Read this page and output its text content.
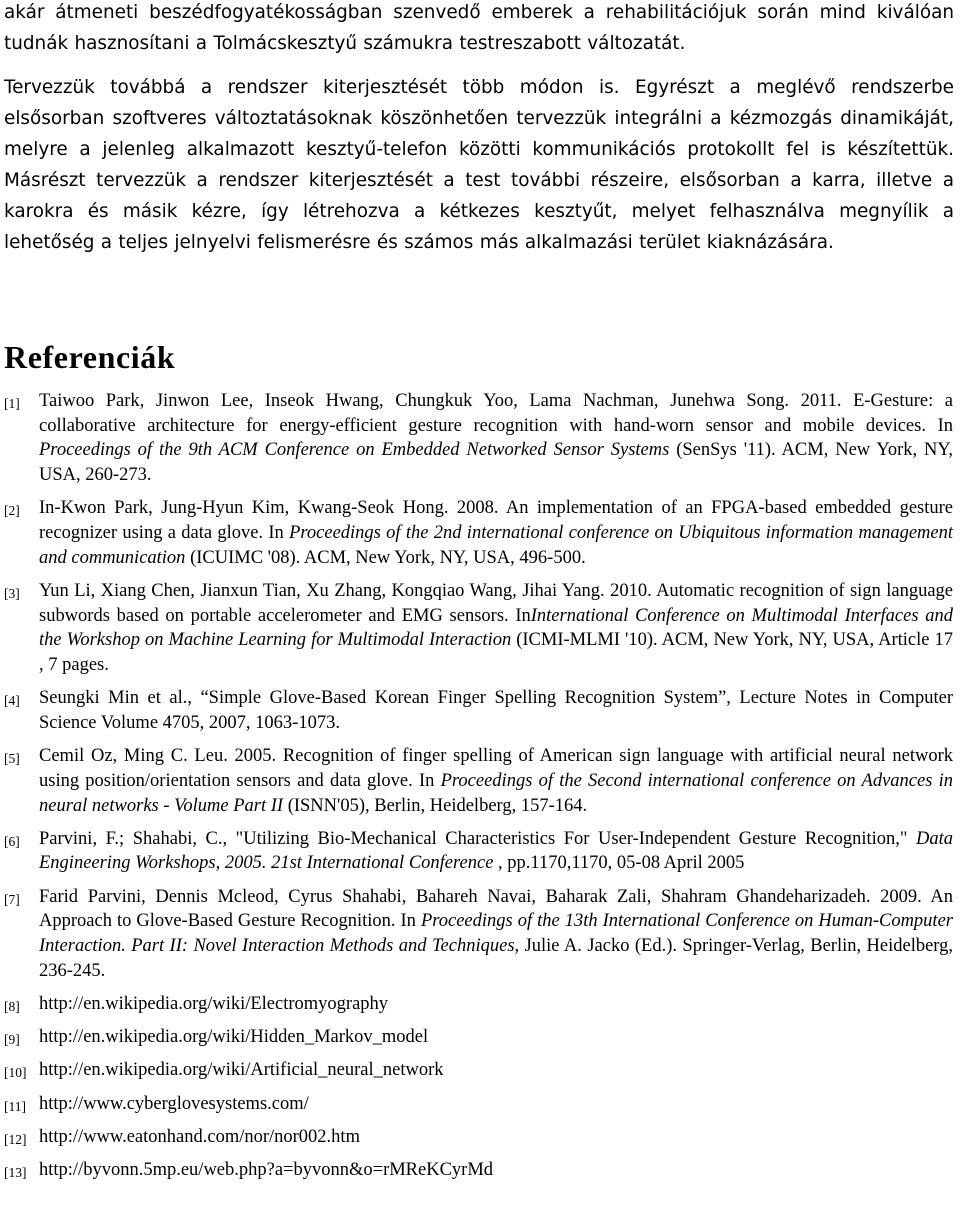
akár átmeneti beszédfogyatékosságban szenvedő emberek a rehabilitációjuk során mind kiválóan tudnák hasznosítani a Tolmácskesztyű számukra testreszabott változatát.

Tervezzük továbbá a rendszer kiterjesztését több módon is. Egyrészt a meglévő rendszerbe elsősorban szoftveres változtatásoknak köszönhetően tervezzük integrálni a kézmozgás dinamikáját, melyre a jelenleg alkalmazott kesztyű-telefon közötti kommunikációs protokollt fel is készítettük. Másrészt tervezzük a rendszer kiterjesztését a test további részeire, elsősorban a karra, illetve a karokra és másik kézre, így létrehozva a kétkezes kesztyűt, melyet felhasználva megnyílik a lehetőség a teljes jelnyelvi felismerésre és számos más alkalmazási terület kiaknázására.

Referenciák
[1] Taiwoo Park, Jinwon Lee, Inseok Hwang, Chungkuk Yoo, Lama Nachman, Junehwa Song. 2011. E-Gesture: a collaborative architecture for energy-efficient gesture recognition with hand-worn sensor and mobile devices. In Proceedings of the 9th ACM Conference on Embedded Networked Sensor Systems (SenSys '11). ACM, New York, NY, USA, 260-273.
[2] In-Kwon Park, Jung-Hyun Kim, Kwang-Seok Hong. 2008. An implementation of an FPGA-based embedded gesture recognizer using a data glove. In Proceedings of the 2nd international conference on Ubiquitous information management and communication (ICUIMC '08). ACM, New York, NY, USA, 496-500.
[3] Yun Li, Xiang Chen, Jianxun Tian, Xu Zhang, Kongqiao Wang, Jihai Yang. 2010. Automatic recognition of sign language subwords based on portable accelerometer and EMG sensors. InInternational Conference on Multimodal Interfaces and the Workshop on Machine Learning for Multimodal Interaction (ICMI-MLMI '10). ACM, New York, NY, USA, Article 17 , 7 pages.
[4] Seungki Min et al., “Simple Glove-Based Korean Finger Spelling Recognition System”, Lecture Notes in Computer Science Volume 4705, 2007, 1063-1073.
[5] Cemil Oz, Ming C. Leu. 2005. Recognition of finger spelling of American sign language with artificial neural network using position/orientation sensors and data glove. In Proceedings of the Second international conference on Advances in neural networks - Volume Part II (ISNN'05), Berlin, Heidelberg, 157-164.
[6] Parvini, F.; Shahabi, C., "Utilizing Bio-Mechanical Characteristics For User-Independent Gesture Recognition," Data Engineering Workshops, 2005. 21st International Conference , pp.1170,1170, 05-08 April 2005
[7] Farid Parvini, Dennis Mcleod, Cyrus Shahabi, Bahareh Navai, Baharak Zali, Shahram Ghandeharizadeh. 2009. An Approach to Glove-Based Gesture Recognition. In Proceedings of the 13th International Conference on Human-Computer Interaction. Part II: Novel Interaction Methods and Techniques, Julie A. Jacko (Ed.). Springer-Verlag, Berlin, Heidelberg, 236-245.
[8] http://en.wikipedia.org/wiki/Electromyography
[9] http://en.wikipedia.org/wiki/Hidden_Markov_model
[10] http://en.wikipedia.org/wiki/Artificial_neural_network
[11] http://www.cyberglovesystems.com/
[12] http://www.eatonhand.com/nor/nor002.htm
[13] http://byvonn.5mp.eu/web.php?a=byvonn&o=rMReKCyrMd
